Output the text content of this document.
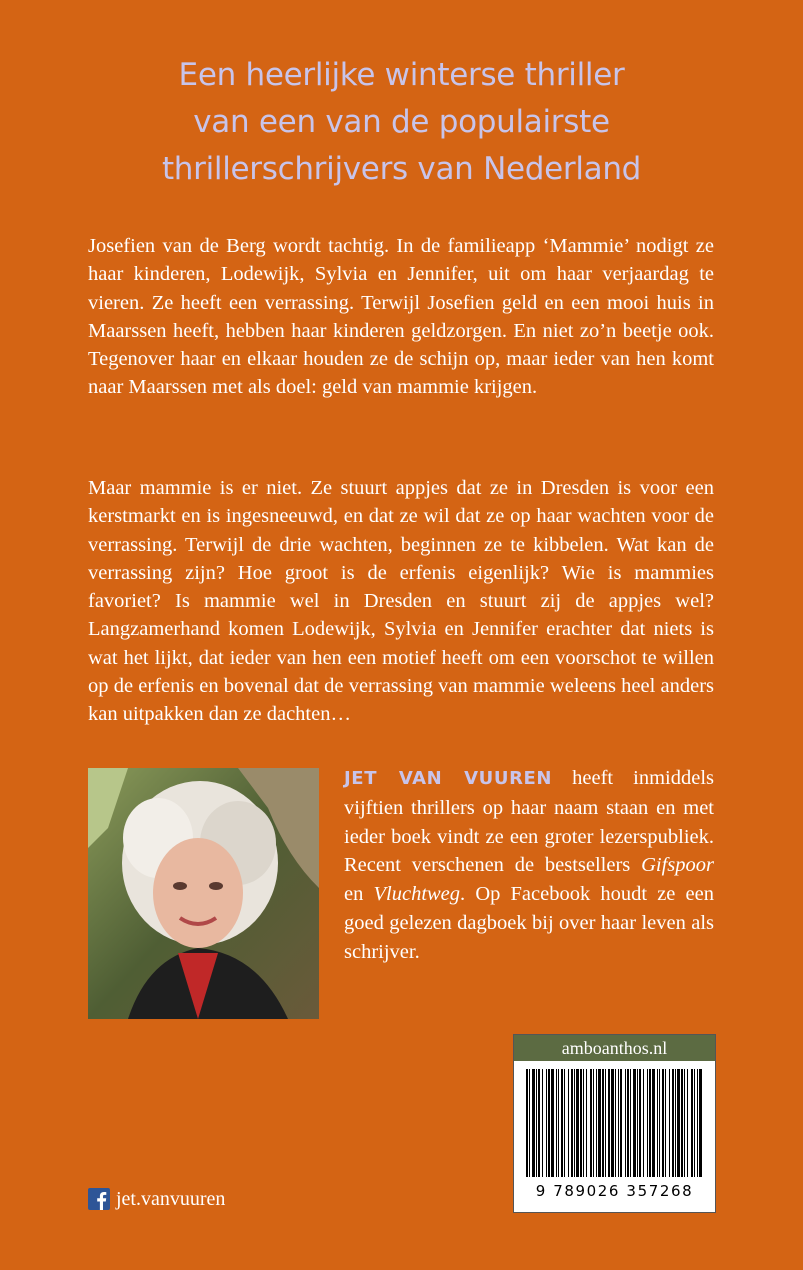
Een heerlijke winterse thriller
van een van de populairste
thrillerschrijvers van Nederland

Josefien van de Berg wordt tachtig. In de familieapp ‘Mammie’ nodigt ze haar kinderen, Lodewijk, Sylvia en Jennifer, uit om haar verjaardag te vieren. Ze heeft een verrassing. Terwijl Josefien geld en een mooi huis in Maarssen heeft, hebben haar kinderen geldzorgen. En niet zo’n beetje ook. Tegenover haar en elkaar houden ze de schijn op, maar ieder van hen komt naar Maarssen met als doel: geld van mammie krijgen.

Maar mammie is er niet. Ze stuurt appjes dat ze in Dresden is voor een kerstmarkt en is ingesneeuwd, en dat ze wil dat ze op haar wachten voor de verrassing. Terwijl de drie wachten, beginnen ze te kibbelen. Wat kan de verrassing zijn? Hoe groot is de erfenis eigenlijk? Wie is mammies favoriet? Is mammie wel in Dresden en stuurt zij de appjes wel? Langzamerhand komen Lodewijk, Sylvia en Jennifer erachter dat niets is wat het lijkt, dat ieder van hen een motief heeft om een voorschot te willen op de erfenis en bovenal dat de verrassing van mammie weleens heel anders kan uitpakken dan ze dachten…

JET VAN VUUREN heeft inmiddels vijftien thrillers op haar naam staan en met ieder boek vindt ze een groter lezerspubliek. Recent verschenen de bestsellers Gifspoor en Vluchtweg. Op Facebook houdt ze een goed gelezen dagboek bij over haar leven als schrijver.

amboanthos.nl
9 789026 357268
jet.vanvuuren
